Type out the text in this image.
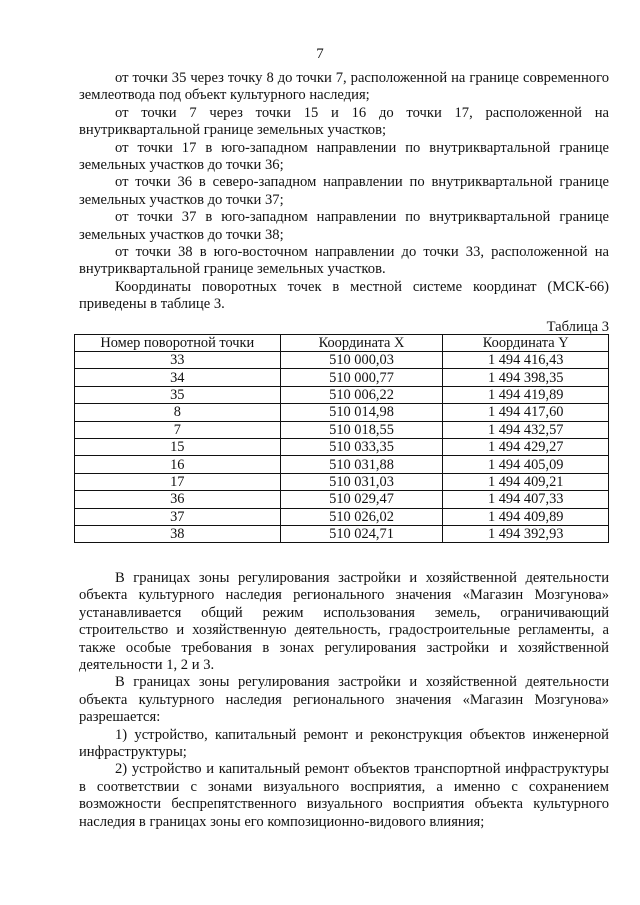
7

от точки 35 через точку 8 до точки 7, расположенной на границе современного землеотвода под объект культурного наследия;

от точки 7 через точки 15 и 16 до точки 17, расположенной на внутриквартальной границе земельных участков;

от точки 17 в юго-западном направлении по внутриквартальной границе земельных участков до точки 36;

от точки 36 в северо-западном направлении по внутриквартальной границе земельных участков до точки 37;

от точки 37 в юго-западном направлении по внутриквартальной границе земельных участков до точки 38;

от точки 38 в юго-восточном направлении до точки 33, расположенной на внутриквартальной границе земельных участков.

Координаты поворотных точек в местной системе координат (МСК-66) приведены в таблице 3.

Таблица 3
Номер поворотной точки	Координата X	Координата Y
33	510 000,03	1 494 416,43
34	510 000,77	1 494 398,35
35	510 006,22	1 494 419,89
8	510 014,98	1 494 417,60
7	510 018,55	1 494 432,57
15	510 033,35	1 494 429,27
16	510 031,88	1 494 405,09
17	510 031,03	1 494 409,21
36	510 029,47	1 494 407,33
37	510 026,02	1 494 409,89
38	510 024,71	1 494 392,93

В границах зоны регулирования застройки и хозяйственной деятельности объекта культурного наследия регионального значения «Магазин Мозгунова» устанавливается общий режим использования земель, ограничивающий строительство и хозяйственную деятельность, градостроительные регламенты, а также особые требования в зонах регулирования застройки и хозяйственной деятельности 1, 2 и 3.

В границах зоны регулирования застройки и хозяйственной деятельности объекта культурного наследия регионального значения «Магазин Мозгунова» разрешается:

1) устройство, капитальный ремонт и реконструкция объектов инженерной инфраструктуры;

2) устройство и капитальный ремонт объектов транспортной инфраструктуры в соответствии с зонами визуального восприятия, а именно с сохранением возможности беспрепятственного визуального восприятия объекта культурного наследия в границах зоны его композиционно-видового влияния;
